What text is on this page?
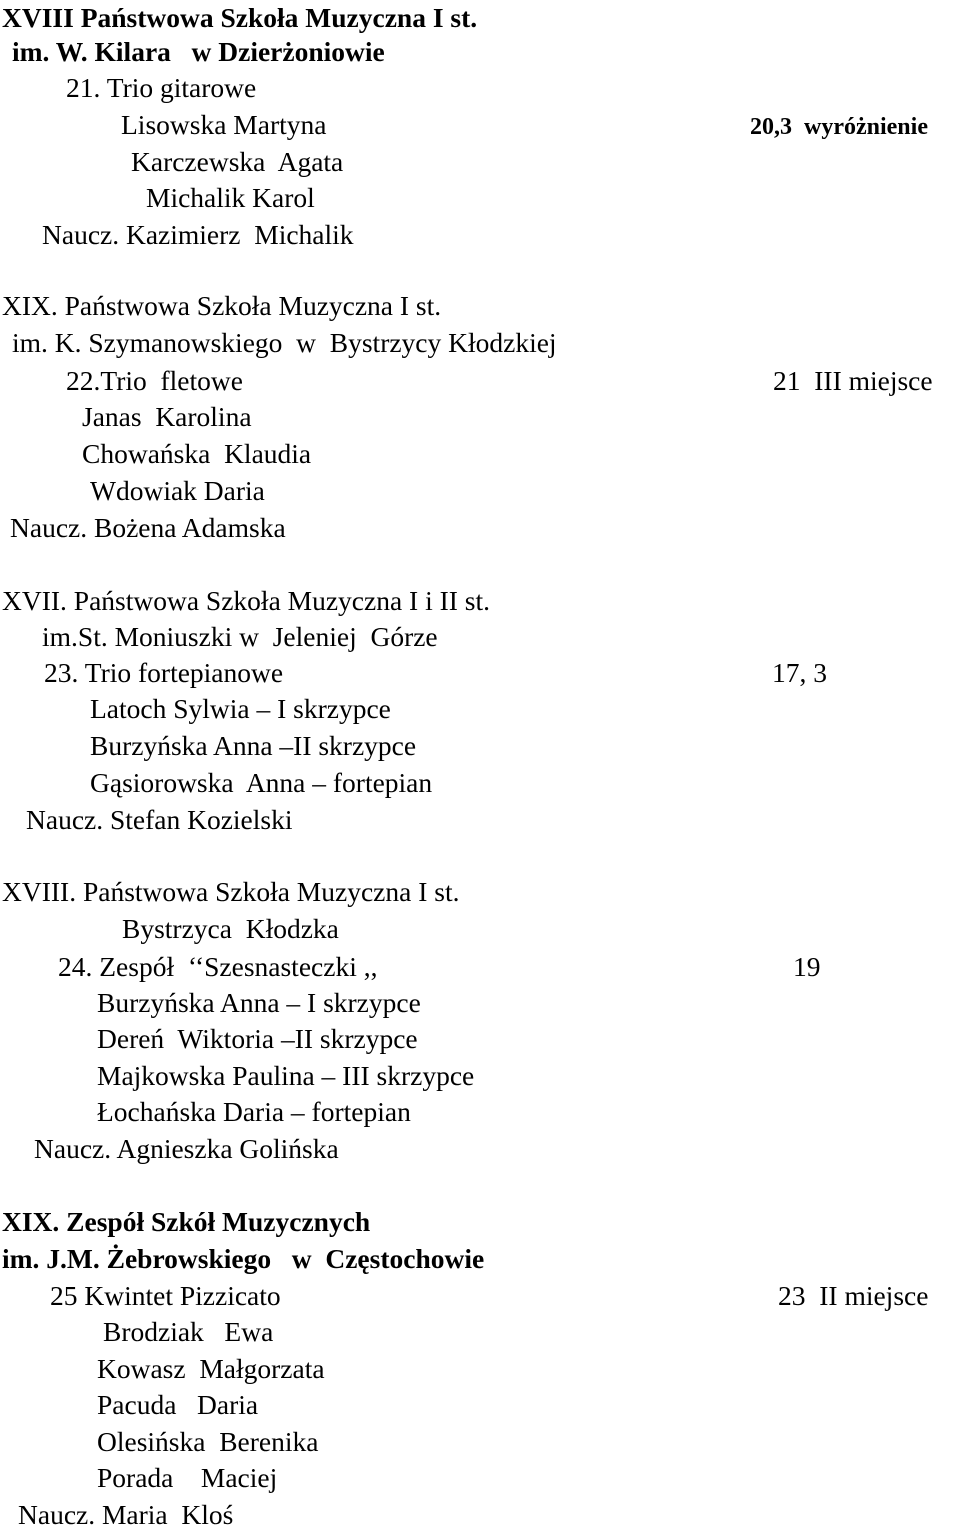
XVIII Państwowa Szkoła Muzyczna I st.
im. W. Kilara   w Dzierżoniowie
21. Trio gitarowe
Lisowska Martyna
Karczewska  Agata
Michalik Karol
Naucz. Kazimierz  Michalik
20,3  wyróżnienie
XIX. Państwowa Szkoła Muzyczna I st.
im. K. Szymanowskiego  w  Bystrzycy Kłodzkiej
22.Trio  fletowe
Janas  Karolina
Chowańska  Klaudia
Wdowiak Daria
Naucz. Bożena Adamska
21  III miejsce
XVII. Państwowa Szkoła Muzyczna I i II st.
im.St. Moniuszki w  Jeleniej  Górze
23. Trio fortepianowe
Latoch Sylwia – I skrzypce
Burzyńska Anna –II skrzypce
Gąsiorowska  Anna – fortepian
Naucz. Stefan Kozielski
17, 3
XVIII. Państwowa Szkoła Muzyczna I st.
Bystrzyca  Kłodzka
24. Zespół  ‘‘Szesnasteczki ,,
Burzyńska Anna – I skrzypce
Dereń  Wiktoria –II skrzypce
Majkowska Paulina – III skrzypce
Łochańska Daria – fortepian
Naucz. Agnieszka Golińska
19
XIX. Zespół Szkół Muzycznych
im. J.M. Żebrowskiego   w  Częstochowie
25 Kwintet Pizzicato
Brodziak   Ewa
Kowasz  Małgorzata
Pacuda   Daria
Olesińska  Berenika
Porada    Maciej
Naucz. Maria  Kloś
23  II miejsce
